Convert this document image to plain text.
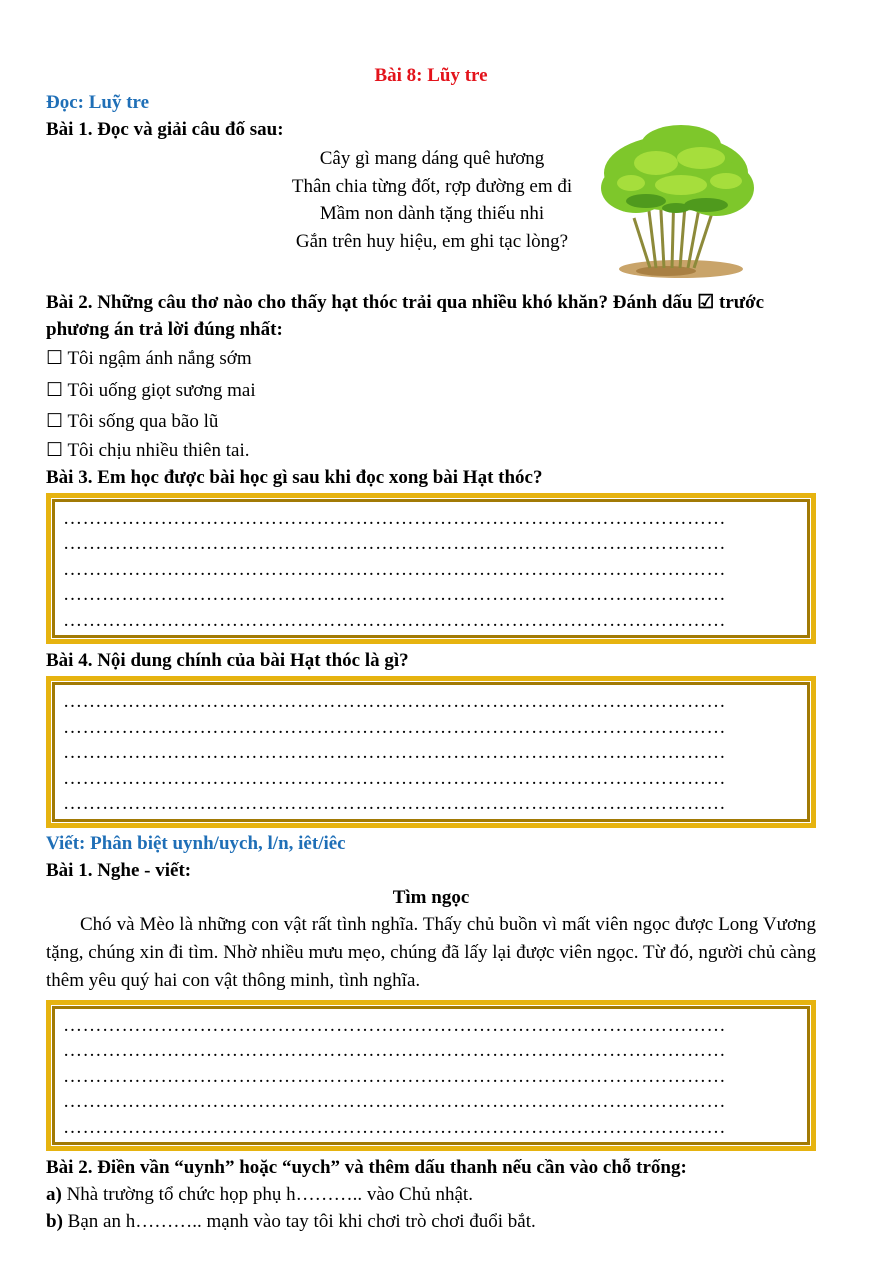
Bài 8: Lũy tre
Đọc: Luỹ tre
Bài 1. Đọc và giải câu đố sau:
Cây gì mang dáng quê hương
Thân chia từng đốt, rợp đường em đi
Mầm non dành tặng thiếu nhi
Gắn trên huy hiệu, em ghi tạc lòng?
Bài 2. Những câu thơ nào cho thấy hạt thóc trải qua nhiều khó khăn? Đánh dấu ☑ trước
phương án trả lời đúng nhất:
☐ Tôi ngậm ánh nắng sớm
☐ Tôi uống giọt sương mai
☐ Tôi sống qua bão lũ
☐ Tôi chịu nhiều thiên tai.
Bài 3. Em học được bài học gì sau khi đọc xong bài Hạt thóc?
…………………………………………………………………………………………
…………………………………………………………………………………………
…………………………………………………………………………………………
…………………………………………………………………………………………
…………………………………………………………………………………………
Bài 4. Nội dung chính của bài Hạt thóc là gì?
…………………………………………………………………………………………
…………………………………………………………………………………………
…………………………………………………………………………………………
…………………………………………………………………………………………
…………………………………………………………………………………………
Viết: Phân biệt uynh/uych, l/n, iêt/iêc
Bài 1. Nghe - viết:
Tìm ngọc
Chó và Mèo là những con vật rất tình nghĩa. Thấy chủ buồn vì mất viên ngọc được Long Vương tặng, chúng xin đi tìm. Nhờ nhiều mưu mẹo, chúng đã lấy lại được viên ngọc. Từ đó, người chủ càng thêm yêu quý hai con vật thông minh, tình nghĩa.
…………………………………………………………………………………………
…………………………………………………………………………………………
…………………………………………………………………………………………
…………………………………………………………………………………………
…………………………………………………………………………………………
Bài 2. Điền vần “uynh” hoặc “uych” và thêm dấu thanh nếu cần vào chỗ trống:
a) Nhà trường tổ chức họp phụ h……….. vào Chủ nhật.
b) Bạn an h……….. mạnh vào tay tôi khi chơi trò chơi đuổi bắt.
